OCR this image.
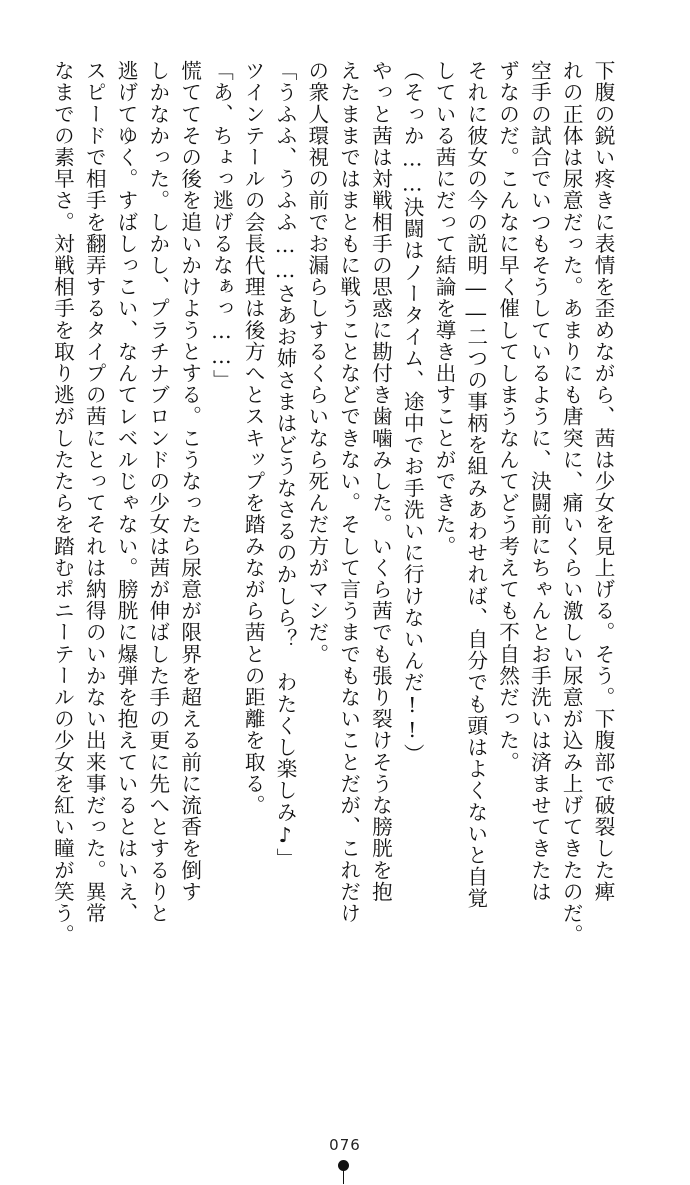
下腹の鋭い疼きに表情を歪めながら、茜は少女を見上げる。そう。下腹部で破裂した痺

れの正体は尿意だった。あまりにも唐突に、痛いくらい激しい尿意が込み上げてきたのだ。

空手の試合でいつもそうしているように、決闘前にちゃんとお手洗いは済ませてきたは

ずなのだ。こんなに早く催してしまうなんてどう考えても不自然だった。

それに彼女の今の説明――二つの事柄を組みあわせれば、自分でも頭はよくないと自覚

している茜にだって結論を導き出すことができた。

（そっか……決闘はノータイム、途中でお手洗いに行けないんだ!!）

やっと茜は対戦相手の思惑に勘付き歯噛みした。いくら茜でも張り裂けそうな膀胱を抱

えたままではまともに戦うことなどできない。そして言うまでもないことだが、これだけ

の衆人環視の前でお漏らしするくらいなら死んだ方がマシだ。

「うふふ、うふふ……さあお姉さまはどうなさるのかしら？　わたくし楽しみ♪」

ツインテールの会長代理は後方へとスキップを踏みながら茜との距離を取る。

「あ、ちょっ逃げるなぁっ……」

慌ててその後を追いかけようとする。こうなったら尿意が限界を超える前に流香を倒す

しかなかった。しかし、プラチナブロンドの少女は茜が伸ばした手の更に先へとするりと

逃げてゆく。すばしっこい、なんてレベルじゃない。膀胱に爆弾を抱えているとはいえ、

スピードで相手を翻弄するタイプの茜にとってそれは納得のいかない出来事だった。異常

なまでの素早さ。対戦相手を取り逃がしたたらを踏むポニーテールの少女を紅い瞳が笑う。

076
